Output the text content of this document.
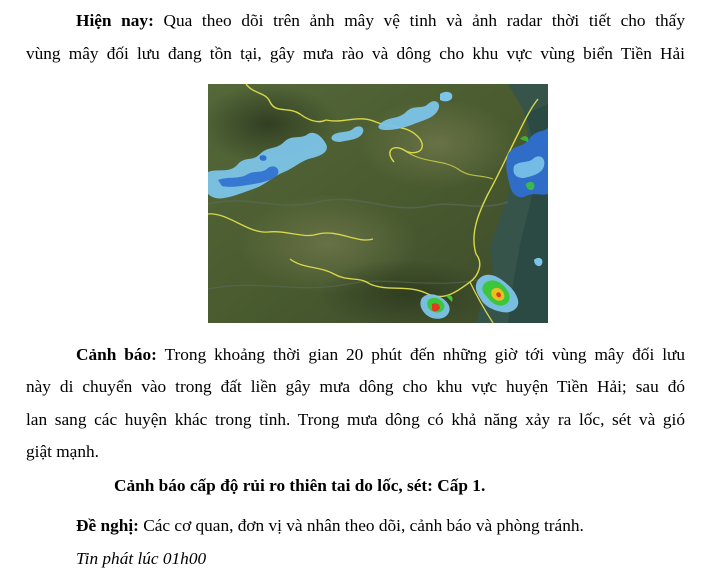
Hiện nay: Qua theo dõi trên ảnh mây vệ tinh và ảnh radar thời tiết cho thấy
vùng mây đối lưu đang tồn tại, gây mưa rào và dông cho khu vực vùng biển Tiền Hải
Cảnh báo: Trong khoảng thời gian 20 phút đến những giờ tới vùng mây đối lưu
này di chuyển vào trong đất liền gây mưa dông cho khu vực huyện Tiền Hải; sau đó
lan sang các huyện khác trong tỉnh. Trong mưa dông có khả năng xảy ra lốc, sét và gió
giật mạnh.
Cảnh báo cấp độ rủi ro thiên tai do lốc, sét: Cấp 1.
Đề nghị: Các cơ quan, đơn vị và nhân theo dõi, cảnh báo và phòng tránh.
Tin phát lúc 01h00
